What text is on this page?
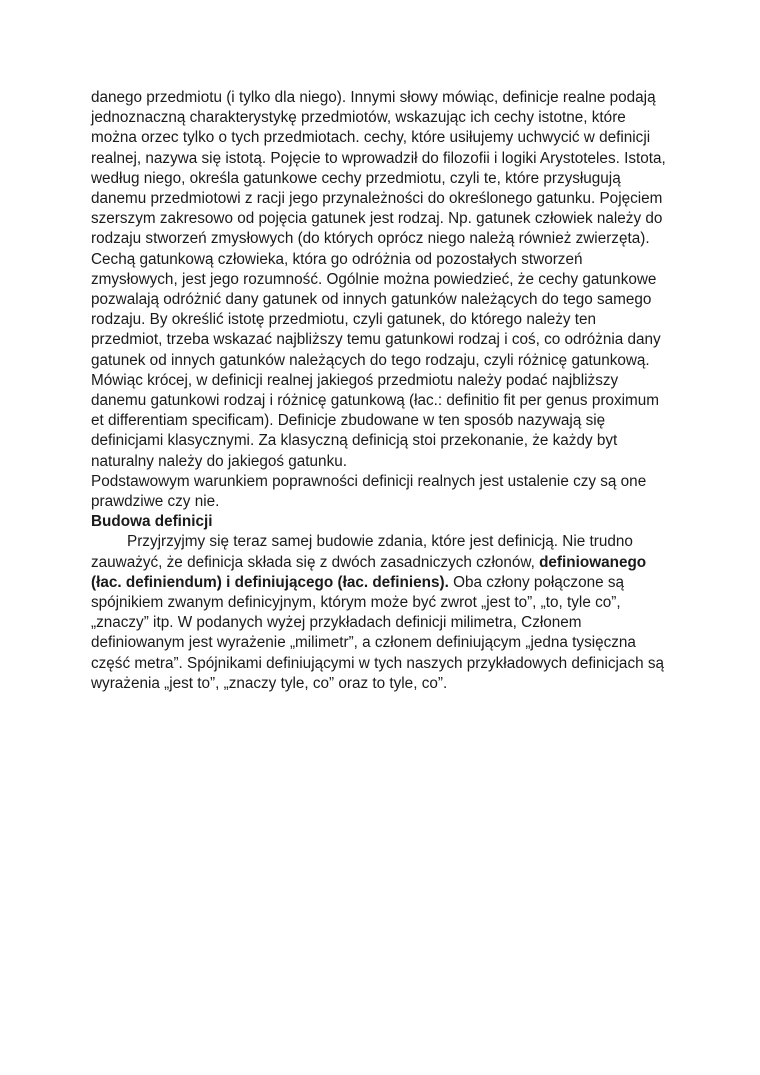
danego przedmiotu (i tylko dla niego). Innymi słowy mówiąc, definicje realne podają jednoznaczną charakterystykę przedmiotów, wskazując ich cechy istotne, które można orzec tylko o tych przedmiotach. cechy, które usiłujemy uchwycić w definicji realnej, nazywa się istotą. Pojęcie to wprowadził do filozofii i logiki Arystoteles. Istota, według niego, określa gatunkowe cechy przedmiotu, czyli te, które przysługują danemu przedmiotowi z racji jego przynależności do określonego gatunku. Pojęciem szerszym zakresowo od pojęcia gatunek jest rodzaj. Np. gatunek człowiek należy do rodzaju stworzeń zmysłowych (do których oprócz niego należą również zwierzęta). Cechą gatunkową człowieka, która go odróżnia od pozostałych stworzeń zmysłowych, jest jego rozumność. Ogólnie można powiedzieć, że cechy gatunkowe pozwalają odróżnić dany gatunek od innych gatunków należących do tego samego rodzaju. By określić istotę przedmiotu, czyli gatunek, do którego należy ten przedmiot, trzeba wskazać najbliższy temu gatunkowi rodzaj i coś, co odróżnia dany gatunek od innych gatunków należących do tego rodzaju, czyli różnicę gatunkową. Mówiąc krócej, w definicji realnej jakiegoś przedmiotu należy podać najbliższy danemu gatunkowi rodzaj i różnicę gatunkową (łac.: definitio fit per genus proximum et differentiam specificam). Definicje zbudowane w ten sposób nazywają się definicjami klasycznymi. Za klasyczną definicją stoi przekonanie, że każdy byt naturalny należy do jakiegoś gatunku.

Podstawowym warunkiem poprawności definicji realnych jest ustalenie czy są one prawdziwe czy nie.

Budowa definicji

Przyjrzyjmy się teraz samej budowie zdania, które jest definicją. Nie trudno zauważyć, że definicja składa się z dwóch zasadniczych członów, definiowanego (łac. definiendum) i definiującego (łac. definiens). Oba człony połączone są spójnikiem zwanym definicyjnym, którym może być zwrot „jest to”, „to, tyle co”, „znaczy” itp. W podanych wyżej przykładach definicji milimetra, Członem definiowanym jest wyrażenie „milimetr”, a członem definiującym „jedna tysięczna część metra”. Spójnikami definiującymi w tych naszych przykładowych definicjach są wyrażenia „jest to”, „znaczy tyle, co” oraz to tyle, co”.
